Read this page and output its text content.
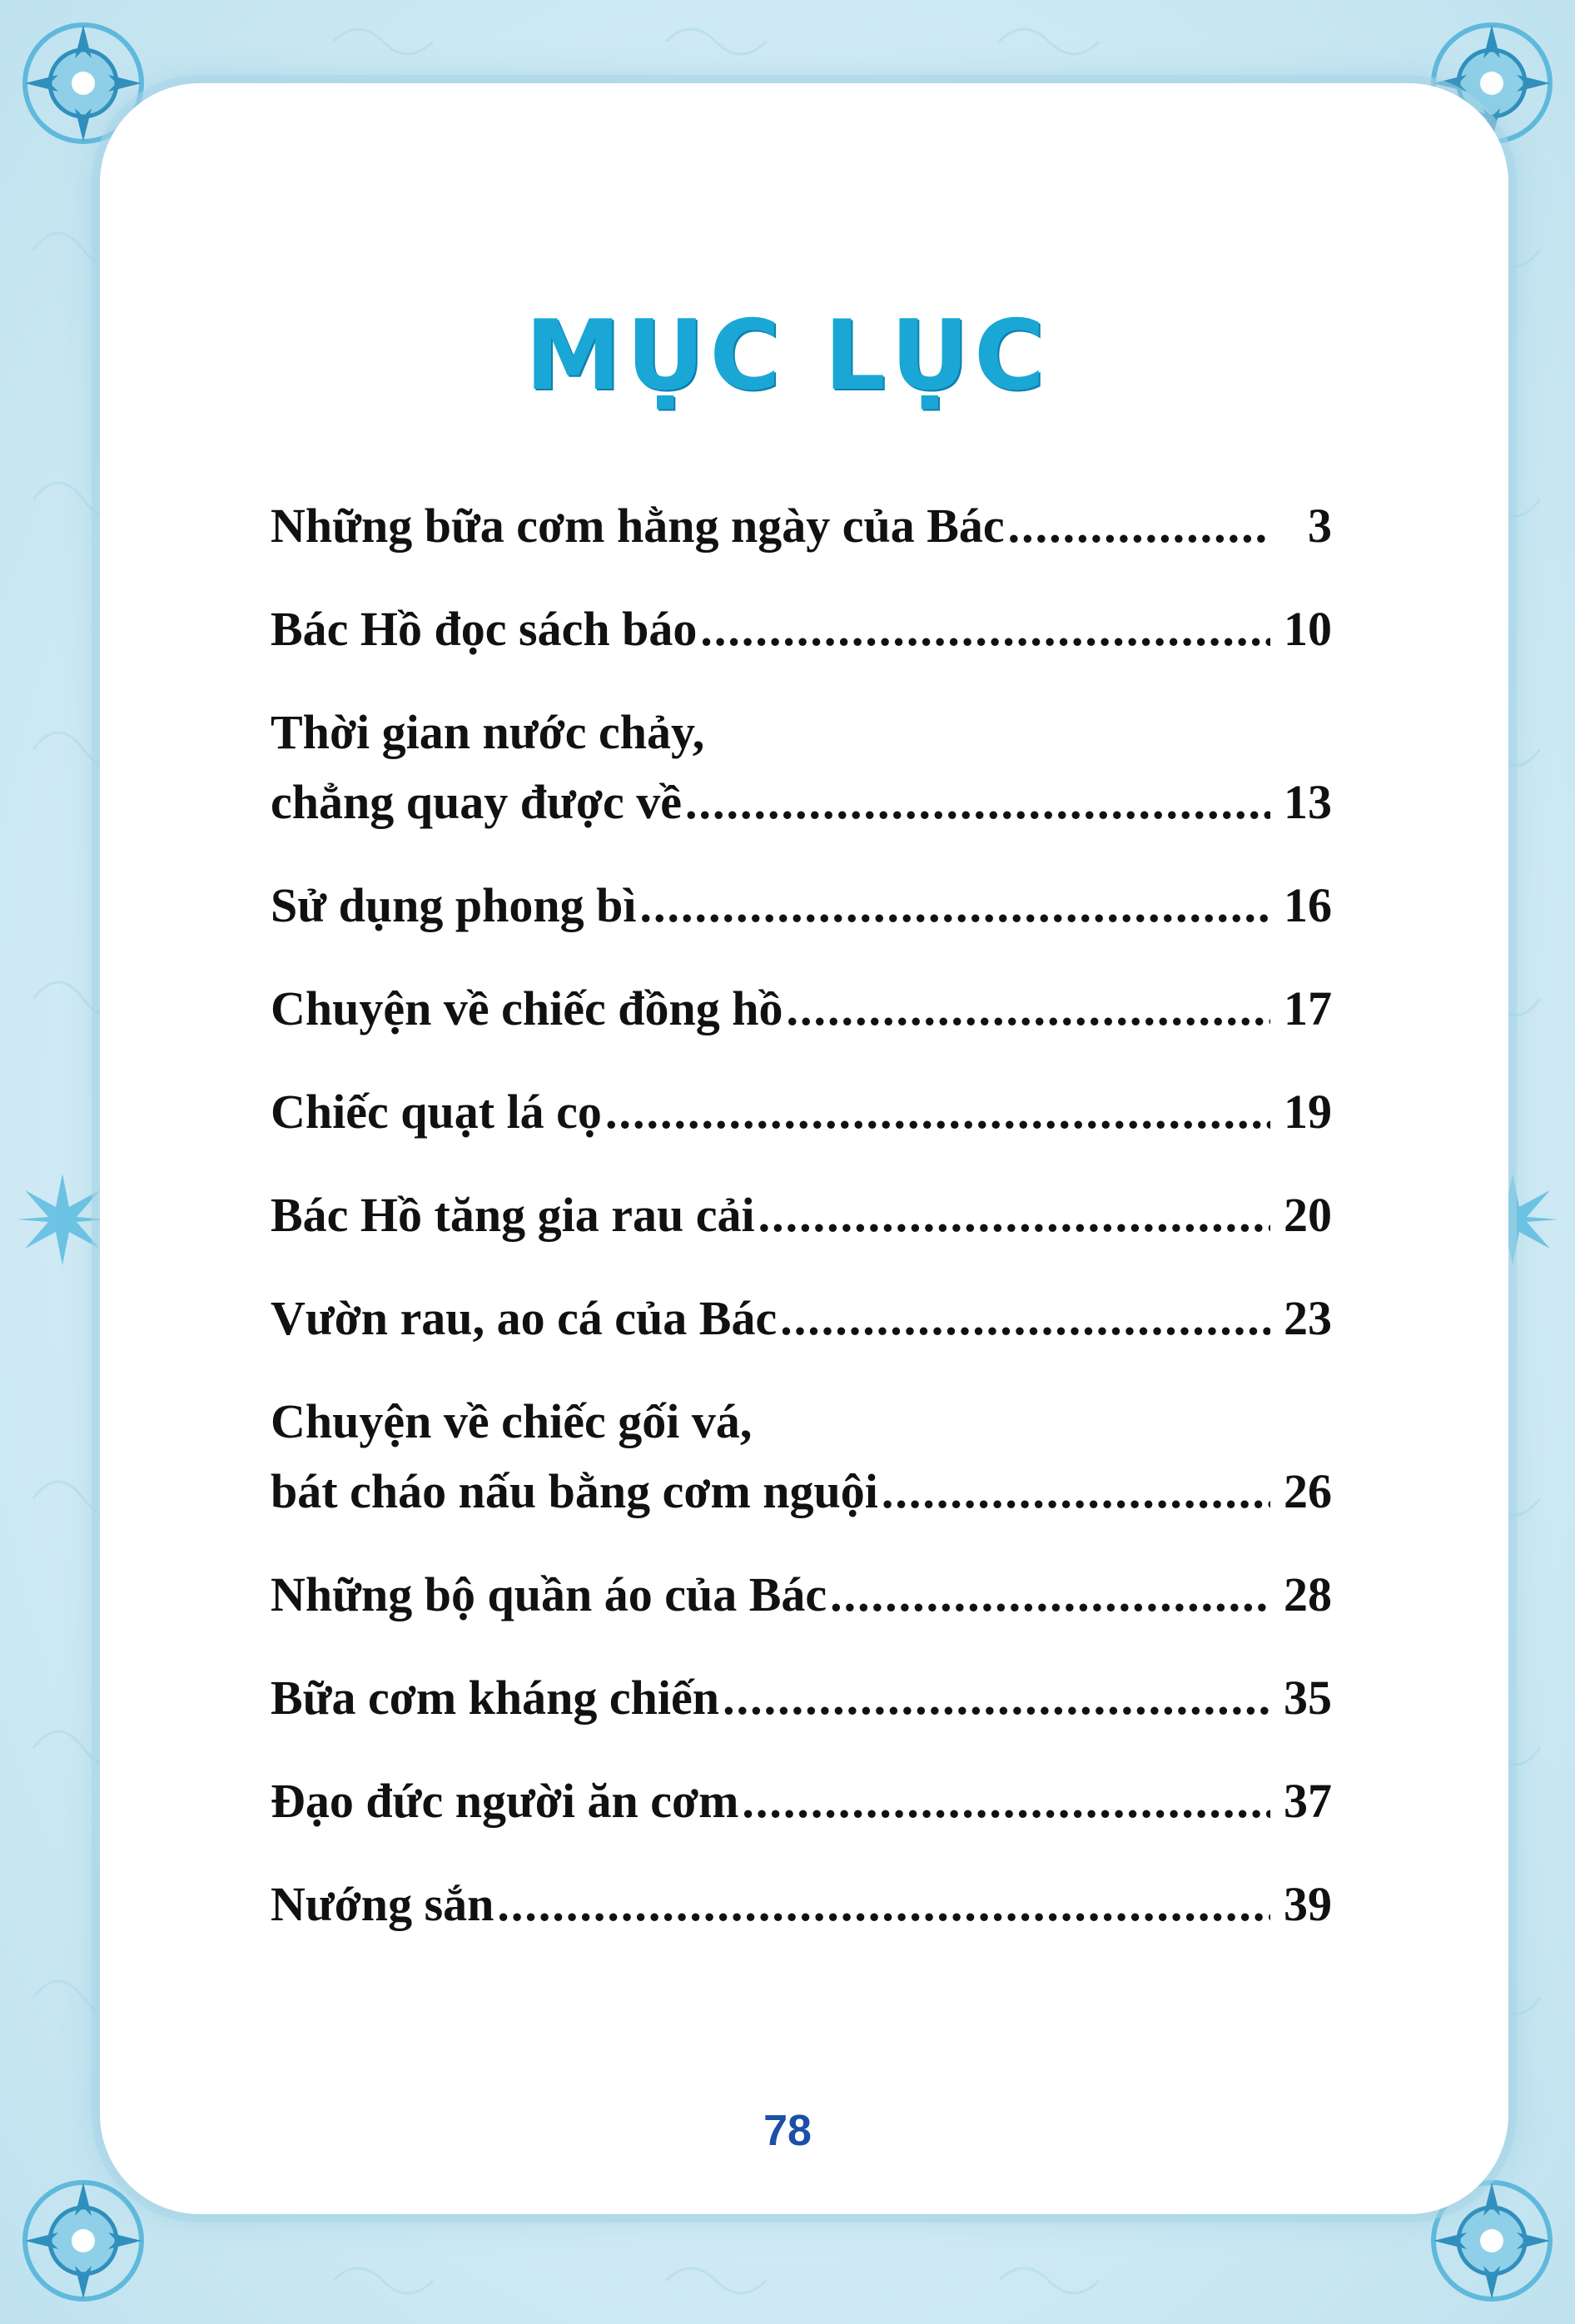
MỤC LỤC
Những bữa cơm hằng ngày của Bác .....	3
Bác Hồ đọc sách báo .....	10
Thời gian nước chảy,
chẳng quay được về .....	13
Sử dụng phong bì .....	16
Chuyện về chiếc đồng hồ .....	17
Chiếc quạt lá cọ .....	19
Bác Hồ tăng gia rau cải .....	20
Vườn rau, ao cá của Bác .....	23
Chuyện về chiếc gối vá,
bát cháo nấu bằng cơm nguội .....	26
Những bộ quần áo của Bác .....	28
Bữa cơm kháng chiến .....	35
Đạo đức người ăn cơm .....	37
Nướng sắn .....	39
78
